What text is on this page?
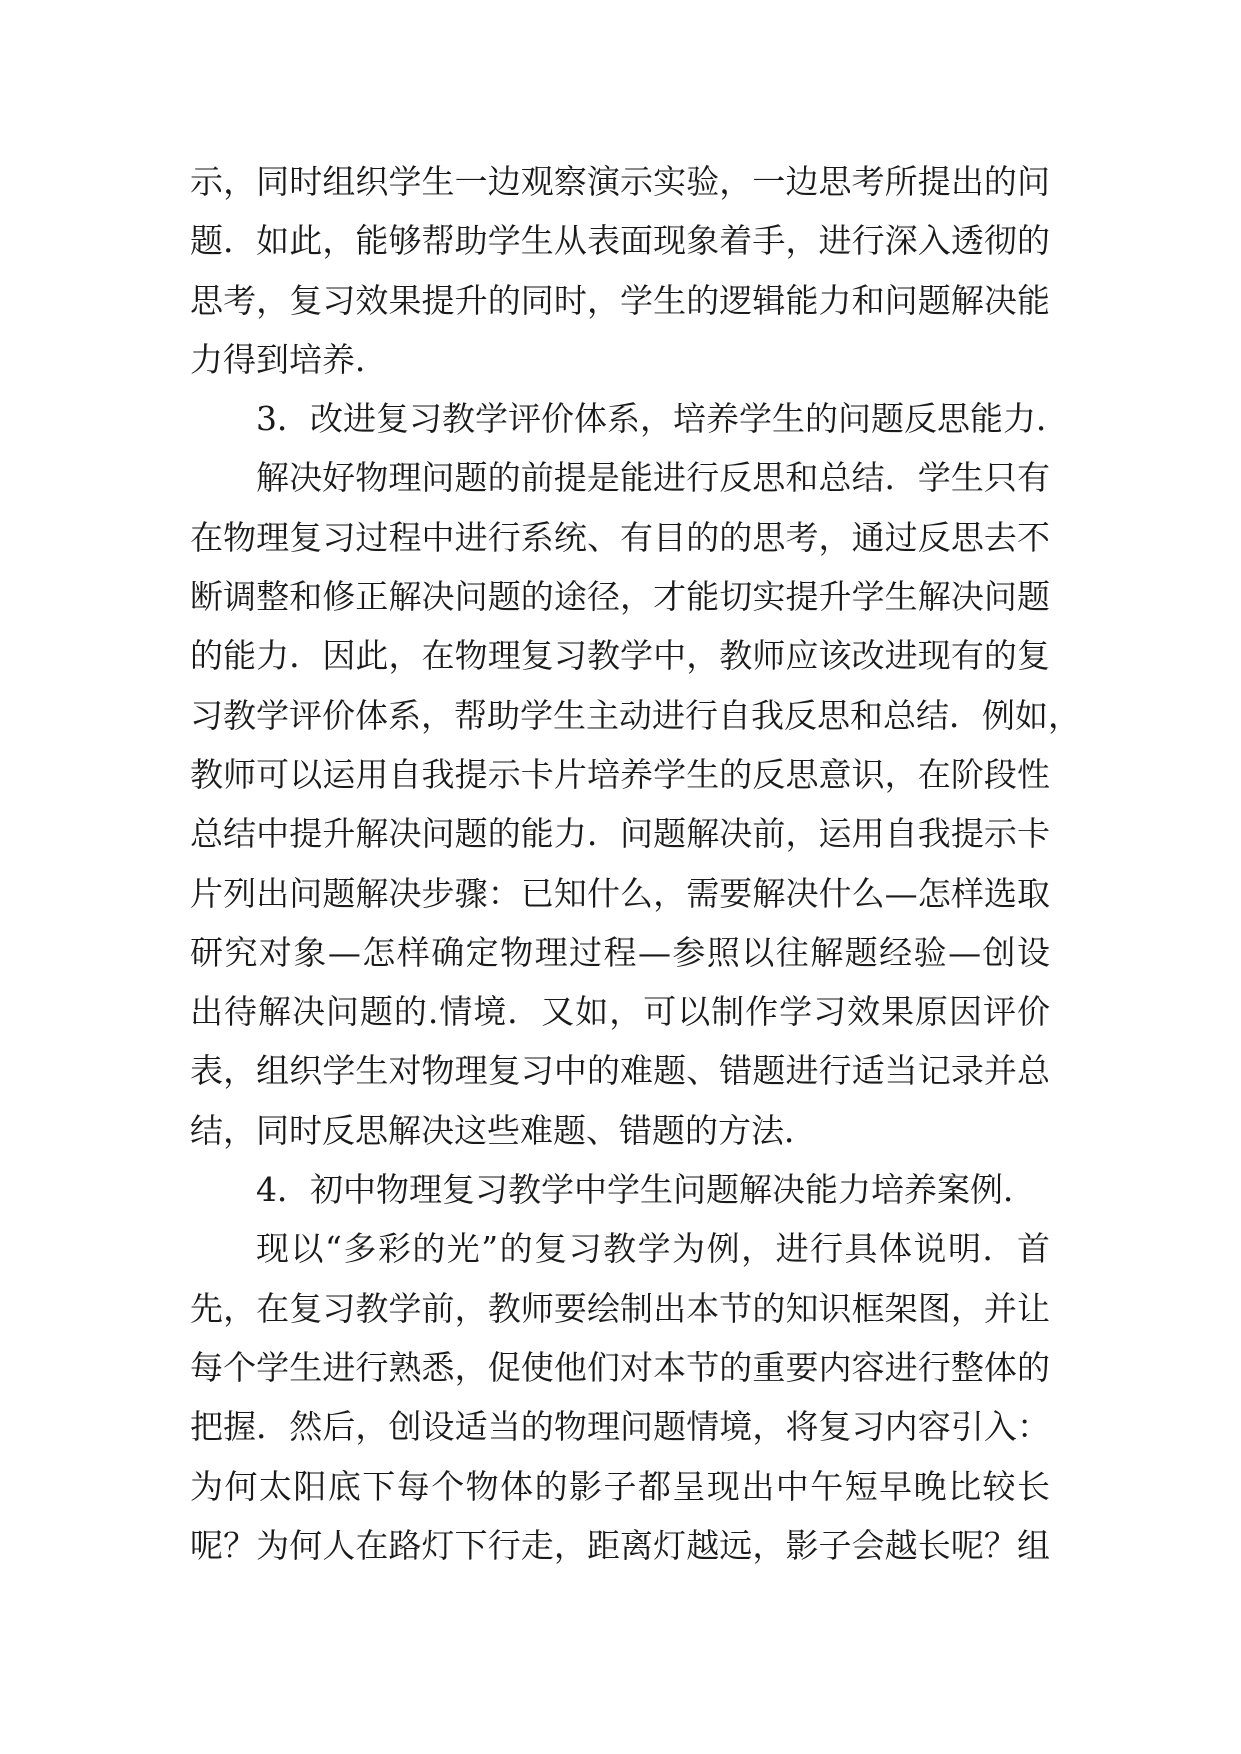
示，同时组织学生一边观察演示实验，一边思考所提出的问
题．如此，能够帮助学生从表面现象着手，进行深入透彻的
思考，复习效果提升的同时，学生的逻辑能力和问题解决能
力得到培养．
3．改进复习教学评价体系，培养学生的问题反思能力．
解决好物理问题的前提是能进行反思和总结．学生只有
在物理复习过程中进行系统、有目的的思考，通过反思去不
断调整和修正解决问题的途径，才能切实提升学生解决问题
的能力．因此，在物理复习教学中，教师应该改进现有的复
习教学评价体系，帮助学生主动进行自我反思和总结．例如，
教师可以运用自我提示卡片培养学生的反思意识，在阶段性
总结中提升解决问题的能力．问题解决前，运用自我提示卡
片列出问题解决步骤：已知什么，需要解决什么—怎样选取
研究对象—怎样确定物理过程—参照以往解题经验—创设
出待解决问题的.情境．又如，可以制作学习效果原因评价
表，组织学生对物理复习中的难题、错题进行适当记录并总
结，同时反思解决这些难题、错题的方法．
4．初中物理复习教学中学生问题解决能力培养案例．
现以“多彩的光”的复习教学为例，进行具体说明．首
先，在复习教学前，教师要绘制出本节的知识框架图，并让
每个学生进行熟悉，促使他们对本节的重要内容进行整体的
把握．然后，创设适当的物理问题情境，将复习内容引入：
为何太阳底下每个物体的影子都呈现出中午短早晚比较长
呢？为何人在路灯下行走，距离灯越远，影子会越长呢？组
